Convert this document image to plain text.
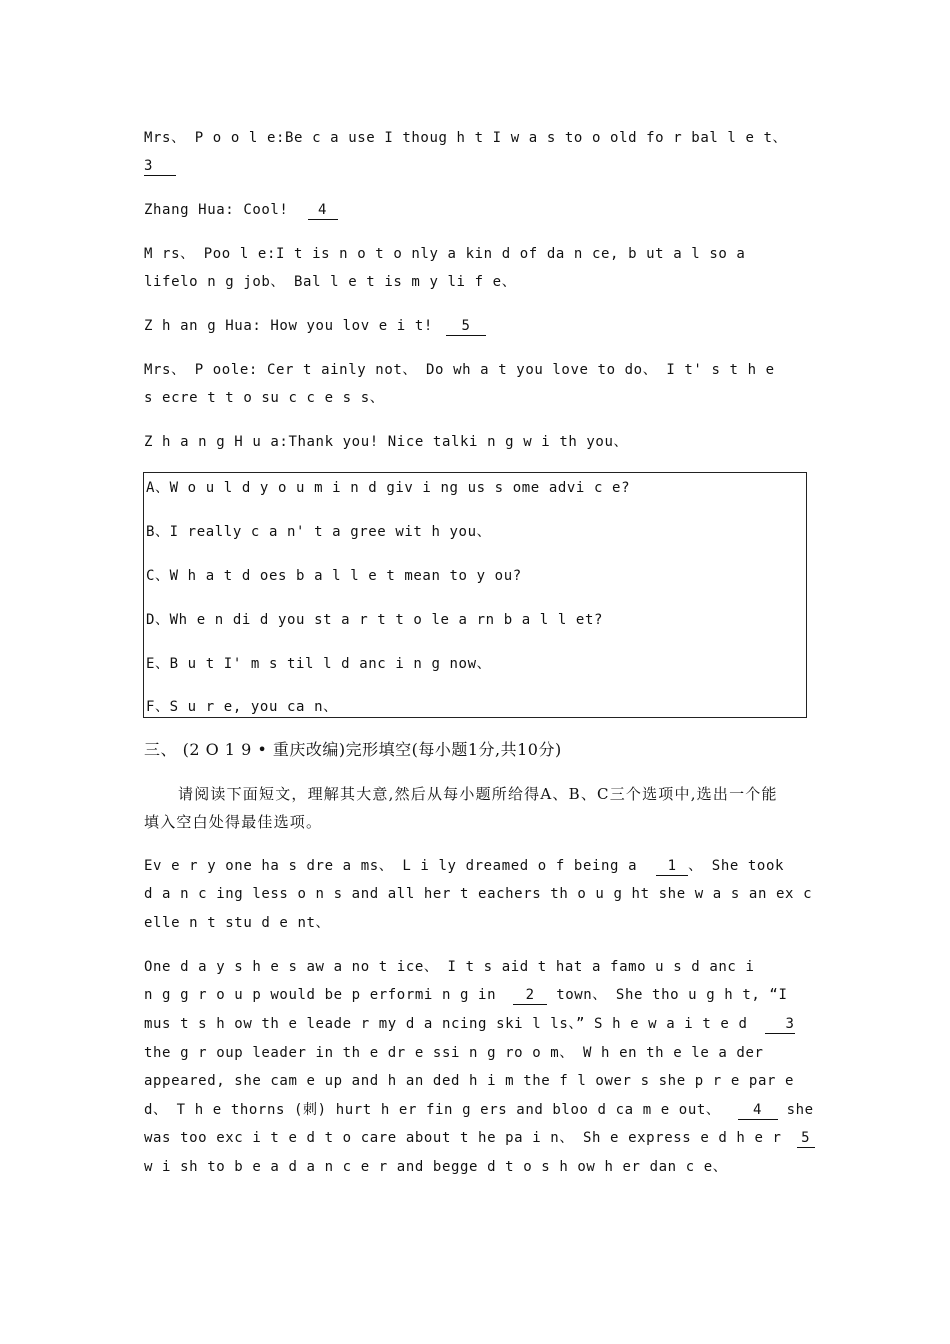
Mrs、 P o o l e:Be c a use I thoug h t I w a s to o old fo r bal l e t、
3
Zhang Hua: Cool! 4
M rs、 Poo l e:I t is n o t o nly a kin d of da n ce, b ut a l so a
lifelo n g job、 Bal l e t is m y li f e、
Z h an g Hua: How you lov e i t! 5
Mrs、 P oole: Cer t ainly not、 Do wh a t you love to do、 I t' s t h e
s ecre t t o su c c e s s、
Z h a n g H u a:Thank you! Nice talki n g w i th you、
A、W o u l d y o u m i n d giv i ng us s ome advi c e?
B、I really c a n' t a gree wit h you、
C、W h a t d oes b a l l e t mean to y ou?
D、Wh e n di d you st a r t t o le a rn b a l l et?
E、B u t I' m s til l d anc i n g now、
F、S u r e, you ca n、
三、 (2 O 1 9 • 重庆改编)完形填空(每小题1分,共10分)
请阅读下面短文，理解其大意,然后从每小题所给得A、B、C三个选项中,选出一个能
填入空白处得最佳选项。
Ev e r y one ha s dre a ms、 L i ly dreamed o f being a 1 、 She took
d a n c ing less o n s and all her t eachers th o u g ht she w a s an ex c
elle n t stu d e nt、
One d a y s h e s aw a no t ice、 I t s aid t hat a famo u s d anc i
n g g r o u p would be p erformi n g in 2 town、 She tho u g h t, “I
mus t s h ow th e leade r my d a ncing ski l ls、” S h e w a i t e d	3
the g r oup leader in th e dr e ssi n g ro o m、 W h en th e le a der
appeared, she cam e up and h an ded h i m the f l ower s she p r e par e
d、 T h e thorns (刺) hurt h er fin g ers and bloo d ca m e out、 4 she
was too exc i t e d t o care about t he pa i n、 Sh e express e d h e r 5
w i sh to b e a d a n c e r and begge d t o s h ow h er dan c e、
